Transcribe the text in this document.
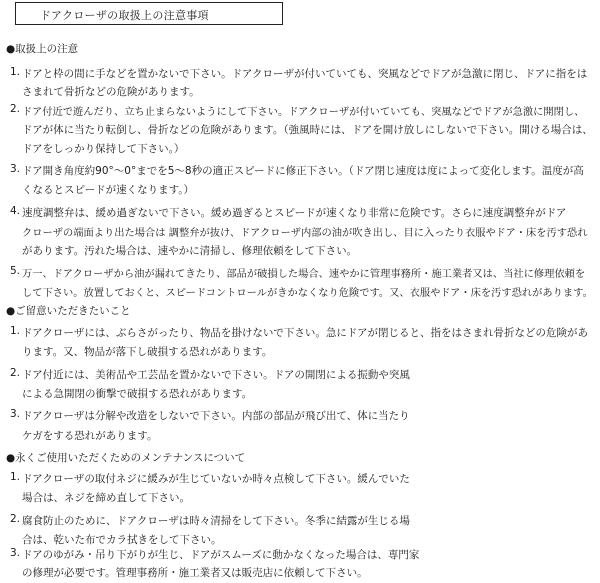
ドアクローザの取扱上の注意事項
●取扱上の注意
1. ドアと枠の間に手などを置かないで下さい。ドアクローザが付いていても、突風などでドアが急激に閉じ、ドアに指をは
さまれて骨折などの危険があります。
2. ドア付近で遊んだり、立ち止まらないようにして下さい。ドアクローザが付いていても、突風などでドアが急激に開閉し、
ドアが体に当たり転倒し、骨折などの危険があります。（強風時には、ドアを開け放しにしないで下さい。開ける場合は、
ドアをしっかり保持して下さい。）
3. ドア開き角度約90°〜0°までを5〜8秒の適正スピードに修正下さい。（ドア閉じ速度は度によって変化します。温度が高
くなるとスピードが速くなります。）
4. 速度調整弁は、緩め過ぎないで下さい。緩め過ぎるとスピードが速くなり非常に危険です。さらに速度調整弁がドア
クローザの端面より出た場合は 調整弁が抜け、ドアクローザ内部の油が吹き出し、目に入ったり衣服やドア・床を汚す恐れ
があります。汚れた場合は、速やかに清掃し、修理依頼をして下さい。
5. 万一、ドアクローザから油が漏れてきたり、部品が破損した場合、速やかに管理事務所・施工業者又は、当社に修理依頼を
して下さい。放置しておくと、スピードコントロールがきかなくなり危険です。又、衣服やドア・床を汚す恐れがあります。
●ご留意いただきたいこと
1. ドアクローザには、ぶらさがったり、物品を掛けないで下さい。急にドアが閉じると、指をはさまれ骨折などの危険があ
ります。又、物品が落下し破損する恐れがあります。
2. ドア付近には、美術品や工芸品を置かないで下さい。ドアの開閉による振動や突風
による急開閉の衝撃で破損する恐れがあります。
3. ドアクローザは分解や改造をしないで下さい。内部の部品が飛び出て、体に当たり
ケガをする恐れがあります。
●永くご使用いただくためのメンテナンスについて
1. ドアクローザの取付ネジに緩みが生じていないか時々点検して下さい。緩んでいた
場合は、ネジを締め直して下さい。
2. 腐食防止のために、ドアクローザは時々清掃をして下さい。冬季に結露が生じる場
合は、乾いた布でカラ拭きをして下さい。
3. ドアのゆがみ・吊り下がりが生じ、ドアがスムーズに動かなくなった場合は、専門家
の修理が必要です。管理事務所・施工業者又は販売店に依頼して下さい。
